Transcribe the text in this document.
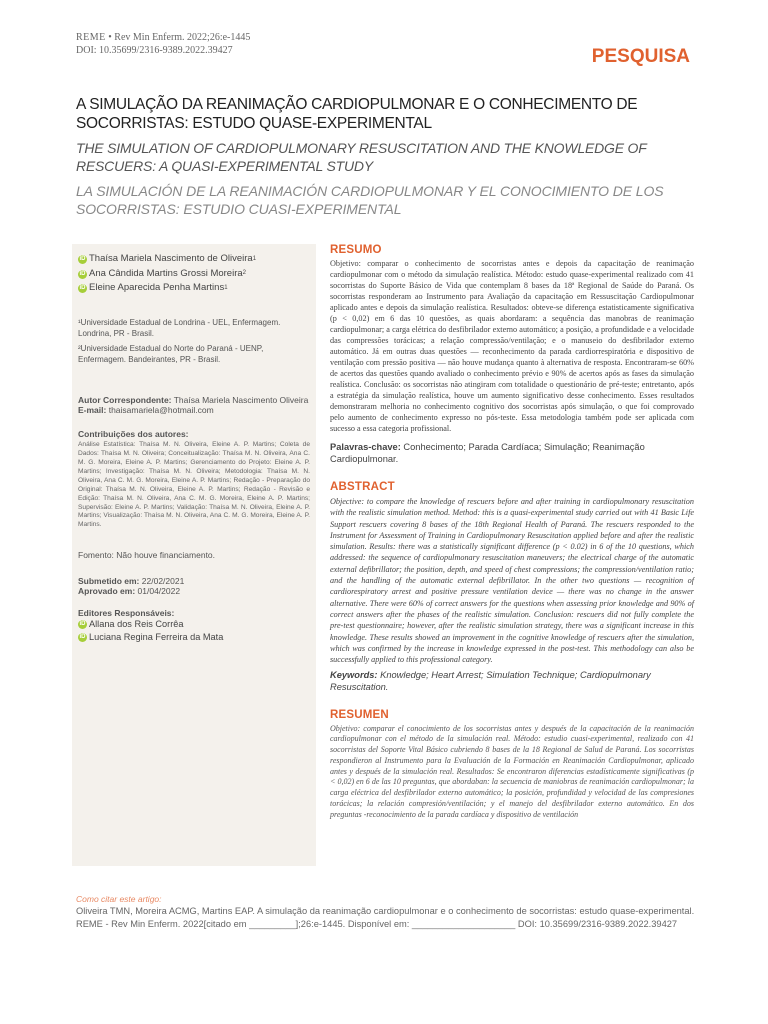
REME • Rev Min Enferm. 2022;26:e-1445
DOI: 10.35699/2316-9389.2022.39427	PESQUISA
A SIMULAÇÃO DA REANIMAÇÃO CARDIOPULMONAR E O CONHECIMENTO DE SOCORRISTAS: ESTUDO QUASE-EXPERIMENTAL
THE SIMULATION OF CARDIOPULMONARY RESUSCITATION AND THE KNOWLEDGE OF RESCUERS: A QUASI-EXPERIMENTAL STUDY
LA SIMULACIÓN DE LA REANIMACIÓN CARDIOPULMONAR Y EL CONOCIMIENTO DE LOS SOCORRISTAS: ESTUDIO CUASI-EXPERIMENTAL
iD Thaísa Mariela Nascimento de Oliveira 1
iD Ana Cândida Martins Grossi Moreira 2
iD Eleine Aparecida Penha Martins 1

¹Universidade Estadual de Londrina - UEL, Enfermagem. Londrina, PR - Brasil.

²Universidade Estadual do Norte do Paraná - UENP, Enfermagem. Bandeirantes, PR - Brasil.

Autor Correspondente: Thaísa Mariela Nascimento Oliveira
E-mail: thaisamariela@hotmail.com
Contribuições dos autores:
Análise Estatística: Thaísa M. N. Oliveira, Eleine A. P. Martins; Coleta de Dados: Thaísa M. N. Oliveira; Conceitualização: Thaísa M. N. Oliveira, Ana C. M. G. Moreira, Eleine A. P. Martins; Gerenciamento do Projeto: Eleine A. P. Martins; Investigação: Thaísa M. N. Oliveira; Metodologia: Thaísa M. N. Oliveira, Ana C. M. G. Moreira, Eleine A. P. Martins; Redação - Preparação do Original: Thaísa M. N. Oliveira, Eleine A. P. Martins; Redação - Revisão e Edição: Thaísa M. N. Oliveira, Ana C. M. G. Moreira, Eleine A. P. Martins; Supervisão: Eleine A. P. Martins; Validação: Thaísa M. N. Oliveira, Eleine A. P. Martins; Visualização: Thaísa M. N. Oliveira, Ana C. M. G. Moreira, Eleine A. P. Martins.
Fomento: Não houve financiamento.
Submetido em: 22/02/2021
Aprovado em: 01/04/2022
Editores Responsáveis:
iD Allana dos Reis Corrêa
iD Luciana Regina Ferreira da Mata
RESUMO
Objetivo: comparar o conhecimento de socorristas antes e depois da capacitação de reanimação cardiopulmonar com o método da simulação realística. Método: estudo quase-experimental realizado com 41 socorristas do Suporte Básico de Vida que contemplam 8 bases da 18ª Regional de Saúde do Paraná. Os socorristas responderam ao Instrumento para Avaliação da capacitação em Ressuscitação Cardiopulmonar aplicado antes e depois da simulação realística. Resultados: obteve-se diferença estatisticamente significativa (p < 0,02) em 6 das 10 questões, as quais abordaram: a sequência das manobras de reanimação cardiopulmonar; a carga elétrica do desfibrilador externo automático; a posição, a profundidade e a velocidade das compressões torácicas; a relação compressão/ventilação; e o manuseio do desfibrilador externo automático. Já em outras duas questões — reconhecimento da parada cardiorrespiratória e dispositivo de ventilação com pressão positiva — não houve mudança quanto à alternativa de resposta. Encontraram-se 60% de acertos das questões quando avaliado o conhecimento prévio e 90% de acertos após as fases da simulação realística. Conclusão: os socorristas não atingiram com totalidade o questionário de pré-teste; entretanto, após a estratégia da simulação realística, houve um aumento significativo desse conhecimento. Esses resultados demonstraram melhoria no conhecimento cognitivo dos socorristas após simulação, o que foi comprovado pelo aumento de conhecimento expresso no pós-teste. Essa metodologia também pode ser aplicada com sucesso a essa categoria profissional.
Palavras-chave: Conhecimento; Parada Cardíaca; Simulação; Reanimação Cardiopulmonar.
ABSTRACT
Objective: to compare the knowledge of rescuers before and after training in cardiopulmonary resuscitation with the realistic simulation method. Method: this is a quasi-experimental study carried out with 41 Basic Life Support rescuers covering 8 bases of the 18th Regional Health of Paraná. The rescuers responded to the Instrument for Assessment of Training in Cardiopulmonary Resuscitation applied before and after the realistic simulation. Results: there was a statistically significant difference (p < 0.02) in 6 of the 10 questions, which addressed: the sequence of cardiopulmonary resuscitation maneuvers; the electrical charge of the automatic external defibrillator; the position, depth, and speed of chest compressions; the compression/ventilation ratio; and the handling of the automatic external defibrillator. In the other two questions — recognition of cardiorespiratory arrest and positive pressure ventilation device — there was no change in the answer alternative. There were 60% of correct answers for the questions when assessing prior knowledge and 90% of correct answers after the phases of the realistic simulation. Conclusion: rescuers did not fully complete the pre-test questionnaire; however, after the realistic simulation strategy, there was a significant increase in this knowledge. These results showed an improvement in the cognitive knowledge of rescuers after the simulation, which was confirmed by the increase in knowledge expressed in the post-test. This methodology can also be successfully applied to this professional category.
Keywords: Knowledge; Heart Arrest; Simulation Technique; Cardiopulmonary Resuscitation.
RESUMEN
Objetivo: comparar el conocimiento de los socorristas antes y después de la capacitación de la reanimación cardiopulmonar con el método de la simulación real. Método: estudio cuasi-experimental, realizado con 41 socorristas del Soporte Vital Básico cubriendo 8 bases de la 18 Regional de Salud de Paraná. Los socorristas respondieron al Instrumento para la Evaluación de la Formación en Reanimación Cardiopulmonar, aplicado antes y después de la simulación real. Resultados: Se encontraron diferencias estadísticamente significativas (p < 0,02) en 6 de las 10 preguntas, que abordaban: la secuencia de maniobras de reanimación cardiopulmonar; la carga eléctrica del desfibrilador externo automático; la posición, profundidad y velocidad de las compresiones torácicas; la relación compresión/ventilación; y el manejo del desfibrilador externo automático. En dos preguntas -reconocimiento de la parada cardíaca y dispositivo de ventilación
Como citar este artigo:
Oliveira TMN, Moreira ACMG, Martins EAP. A simulação da reanimação cardiopulmonar e o conhecimento de socorristas: estudo quase-experimental.
REME - Rev Min Enferm. 2022[citado em _________];26:e-1445. Disponível em: ____________________ DOI: 10.35699/2316-9389.2022.39427
